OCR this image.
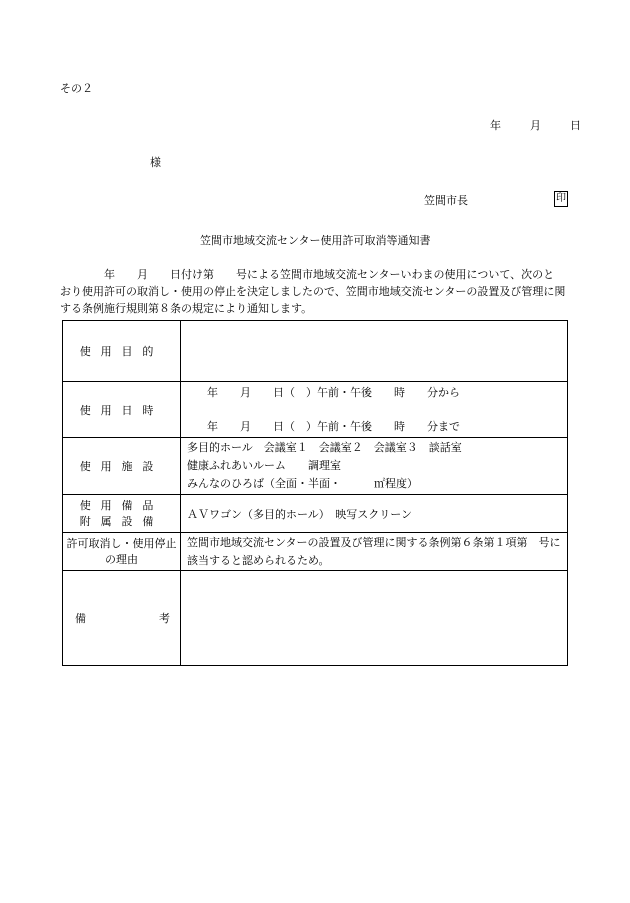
その２
年	月	日
様
笠間市長	印
笠間市地域交流センター使用許可取消等通知書
　　　　年　　月　　日付け第　　号による笠間市地域交流センターいわまの使用について、次のと
おり使用許可の取消し・使用の停止を決定しましたので、笠間市地域交流センターの設置及び管理に関
する条例施行規則第８条の規定により通知します。
使用目的	
使用日時	年　　月　　日（　）午前・午後　　時　　分から
年　　月　　日（　）午前・午後　　時　　分まで

使用施設	多目的ホール　会議室１　会議室２　会議室３　談話室
健康ふれあいルーム　　調理室
みんなのひろば（全面・半面・　　　㎡程度）

使用備品
附属設備	ＡＶワゴン（多目的ホール）　映写スクリーン

許可取消し・使用停止
の理由	笠間市地域交流センターの設置及び管理に関する条例第６条第１項第　号に
該当すると認められるため。

備 考	
